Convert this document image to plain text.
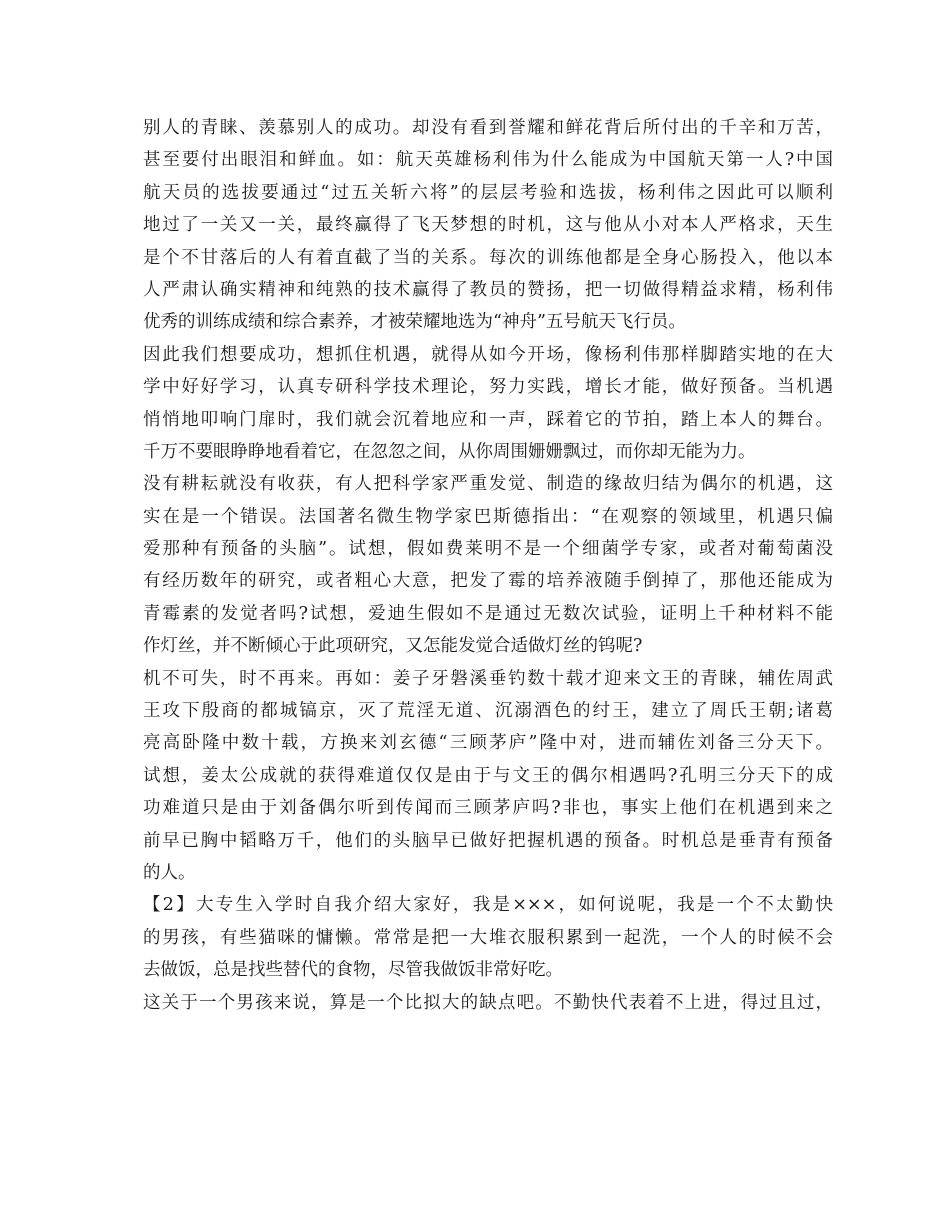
别人的青睐、羡慕别人的成功。却没有看到誉耀和鲜花背后所付出的千辛和万苦，
甚至要付出眼泪和鲜血。如：航天英雄杨利伟为什么能成为中国航天第一人?中国
航天员的选拔要通过“过五关斩六将”的层层考验和选拔，杨利伟之因此可以顺利
地过了一关又一关，最终赢得了飞天梦想的时机，这与他从小对本人严格求，天生
是个不甘落后的人有着直截了当的关系。每次的训练他都是全身心肠投入，他以本
人严肃认确实精神和纯熟的技术赢得了教员的赞扬，把一切做得精益求精，杨利伟
优秀的训练成绩和综合素养，才被荣耀地选为“神舟”五号航天飞行员。
因此我们想要成功，想抓住机遇，就得从如今开场，像杨利伟那样脚踏实地的在大
学中好好学习，认真专研科学技术理论，努力实践，增长才能，做好预备。当机遇
悄悄地叩响门扉时，我们就会沉着地应和一声，踩着它的节拍，踏上本人的舞台。
千万不要眼睁睁地看着它，在忽忽之间，从你周围姗姗飘过，而你却无能为力。
没有耕耘就没有收获，有人把科学家严重发觉、制造的缘故归结为偶尔的机遇，这
实在是一个错误。法国著名微生物学家巴斯德指出：“在观察的领域里，机遇只偏
爱那种有预备的头脑”。试想，假如费莱明不是一个细菌学专家，或者对葡萄菌没
有经历数年的研究，或者粗心大意，把发了霉的培养液随手倒掉了，那他还能成为
青霉素的发觉者吗?试想，爱迪生假如不是通过无数次试验，证明上千种材料不能
作灯丝，并不断倾心于此项研究，又怎能发觉合适做灯丝的钨呢?
机不可失，时不再来。再如：姜子牙磐溪垂钓数十载才迎来文王的青睐，辅佐周武
王攻下殷商的都城镐京，灭了荒淫无道、沉溺酒色的纣王，建立了周氏王朝;诸葛
亮高卧隆中数十载，方换来刘玄德“三顾茅庐”隆中对，进而辅佐刘备三分天下。
试想，姜太公成就的获得难道仅仅是由于与文王的偶尔相遇吗?孔明三分天下的成
功难道只是由于刘备偶尔听到传闻而三顾茅庐吗?非也，事实上他们在机遇到来之
前早已胸中韬略万千，他们的头脑早已做好把握机遇的预备。时机总是垂青有预备
的人。
【2】大专生入学时自我介绍大家好，我是×××，如何说呢，我是一个不太勤快
的男孩，有些猫咪的慵懒。常常是把一大堆衣服积累到一起洗，一个人的时候不会
去做饭，总是找些替代的食物，尽管我做饭非常好吃。
这关于一个男孩来说，算是一个比拟大的缺点吧。不勤快代表着不上进，得过且过，
